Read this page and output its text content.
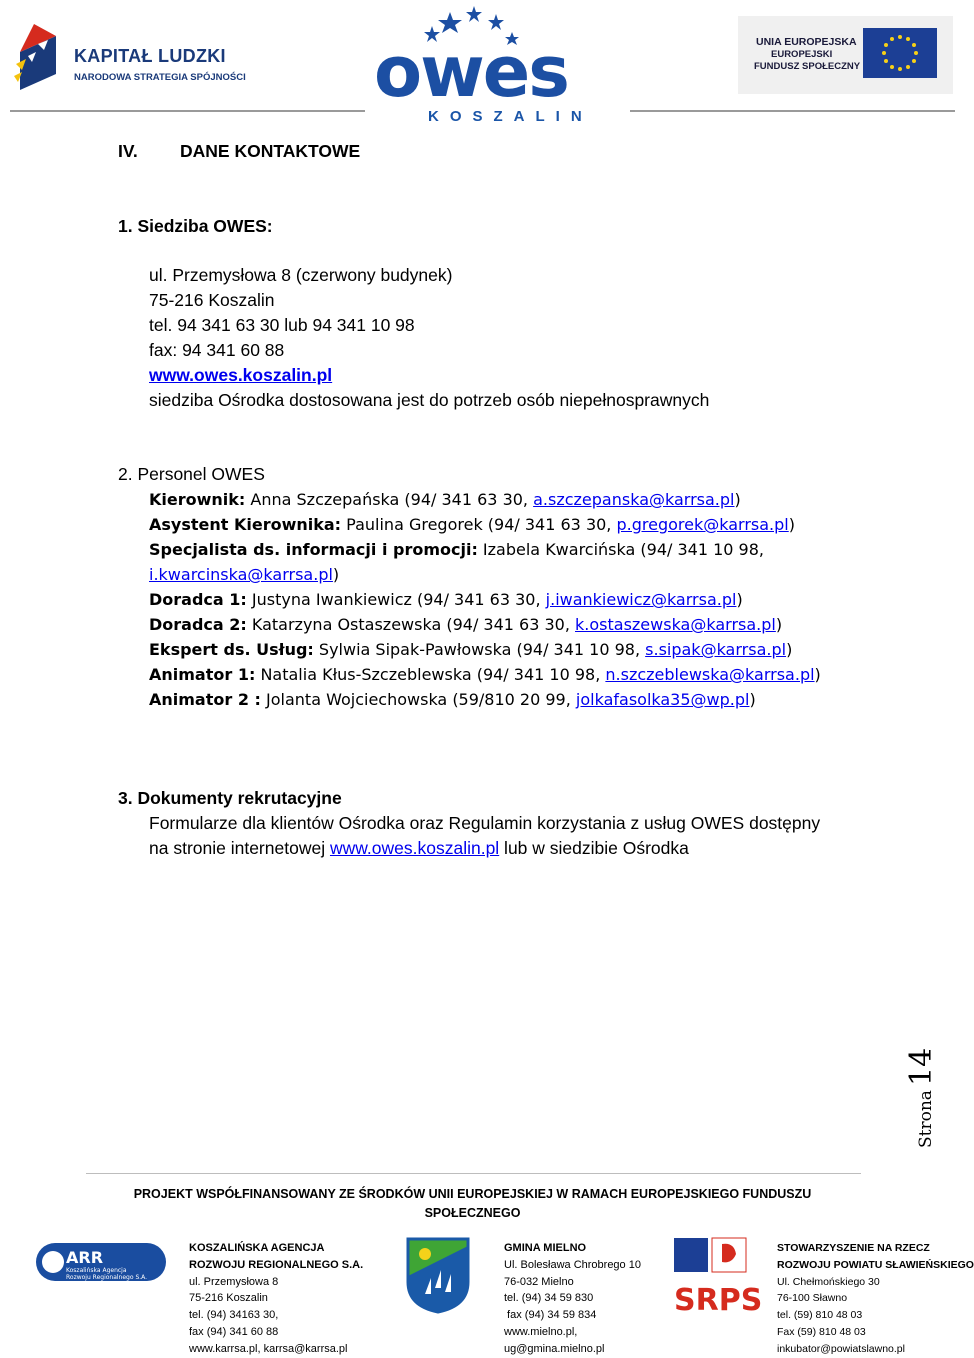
KAPITAŁ LUDZKI
NARODOWA STRATEGIA SPÓJNOŚCI owes
KOSZALIN
UNIA EUROPEJSKA
EUROPEJSKI
FUNDUSZ SPOŁECZNY
IV. DANE KONTAKTOWE
1. Siedziba OWES:
ul. Przemysłowa 8 (czerwony budynek)
75-216 Koszalin
tel. 94 341 63 30 lub 94 341 10 98
fax: 94 341 60 88
www.owes.koszalin.pl
siedziba Ośrodka dostosowana jest do potrzeb osób niepełnosprawnych
2. Personel OWES
Kierownik: Anna Szczepańska (94/ 341 63 30, a.szczepanska@karrsa.pl)
Asystent Kierownika: Paulina Gregorek (94/ 341 63 30, p.gregorek@karrsa.pl)
Specjalista ds. informacji i promocji: Izabela Kwarcińska (94/ 341 10 98,
i.kwarcinska@karrsa.pl)
Doradca 1: Justyna Iwankiewicz (94/ 341 63 30, j.iwankiewicz@karrsa.pl)
Doradca 2: Katarzyna Ostaszewska (94/ 341 63 30, k.ostaszewska@karrsa.pl)
Ekspert ds. Usług: Sylwia Sipak-Pawłowska (94/ 341 10 98, s.sipak@karrsa.pl)
Animator 1: Natalia Kłus-Szczeblewska (94/ 341 10 98, n.szczeblewska@karrsa.pl)
Animator 2 : Jolanta Wojciechowska (59/810 20 99, jolkafasolka35@wp.pl)
3. Dokumenty rekrutacyjne
Formularze dla klientów Ośrodka oraz Regulamin korzystania z usług OWES dostępny
na stronie internetowej www.owes.koszalin.pl lub w siedzibie Ośrodka
Strona
14
PROJEKT WSPÓŁFINANSOWANY ZE ŚRODKÓW UNII EUROPEJSKIEJ W RAMACH EUROPEJSKIEGO FUNDUSZU
SPOŁECZNEGO
ARR
Koszalińska Agencja
Rozwoju Regionalnego S.A.
KOSZALIŃSKA AGENCJA
ROZWOJU REGIONALNEGO S.A.
ul. Przemysłowa 8
75-216 Koszalin
tel. (94) 34163 30,
fax (94) 341 60 88
www.karrsa.pl, karrsa@karrsa.pl
GMINA MIELNO
Ul. Bolesława Chrobrego 10
76-032 Mielno
tel. (94) 34 59 830
fax (94) 34 59 834
www.mielno.pl,
ug@gmina.mielno.pl
SRPS
STOWARZYSZENIE NA RZECZ
ROZWOJU POWIATU SŁAWIEŃSKIEGO
Ul. Chełmońskiego 30
76-100 Sławno
tel. (59) 810 48 03
Fax (59) 810 48 03
inkubator@powiatslawno.pl
